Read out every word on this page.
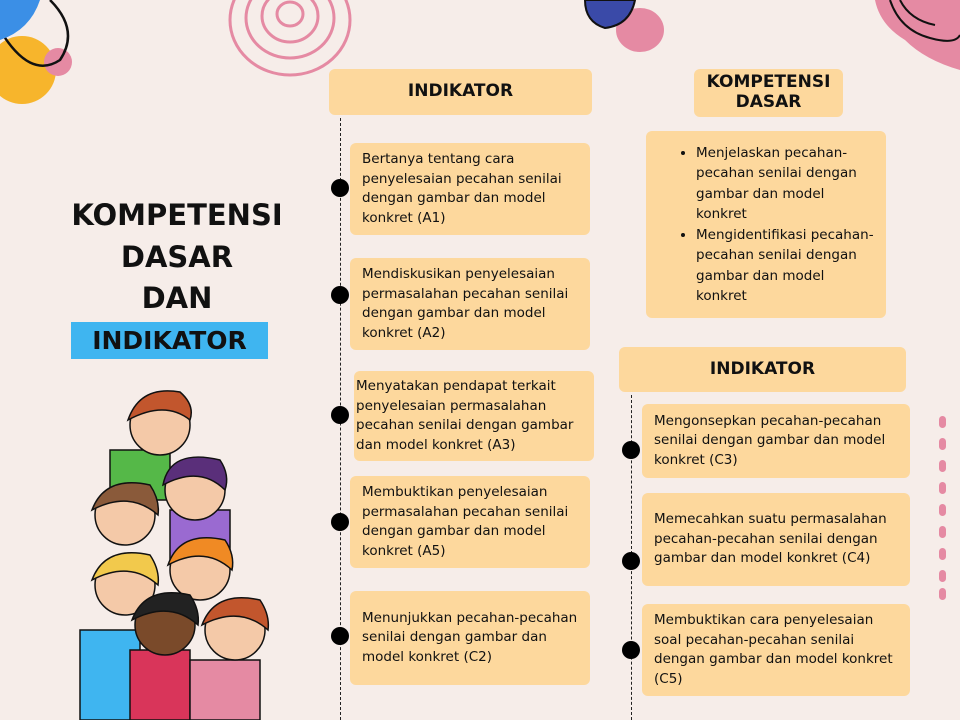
KOMPETENSI
DASAR
DAN
INDIKATOR
INDIKATOR
Bertanya tentang cara penyelesaian pecahan senilai dengan gambar dan model konkret (A1)
Mendiskusikan penyelesaian permasalahan pecahan senilai dengan gambar dan model konkret (A2)
Menyatakan pendapat terkait penyelesaian permasalahan pecahan senilai dengan gambar dan model konkret (A3)
Membuktikan penyelesaian permasalahan pecahan senilai dengan gambar dan model konkret (A5)
Menunjukkan pecahan-pecahan senilai dengan gambar dan model konkret (C2)
KOMPETENSI DASAR
• Menjelaskan pecahan-pecahan senilai dengan gambar dan model konkret
• Mengidentifikasi pecahan-pecahan senilai dengan gambar dan model konkret
INDIKATOR
Mengonsepkan pecahan-pecahan senilai dengan gambar dan model konkret (C3)
Memecahkan suatu permasalahan pecahan-pecahan senilai dengan gambar dan model konkret (C4)
Membuktikan cara penyelesaian soal pecahan-pecahan senilai dengan gambar dan model konkret (C5)
